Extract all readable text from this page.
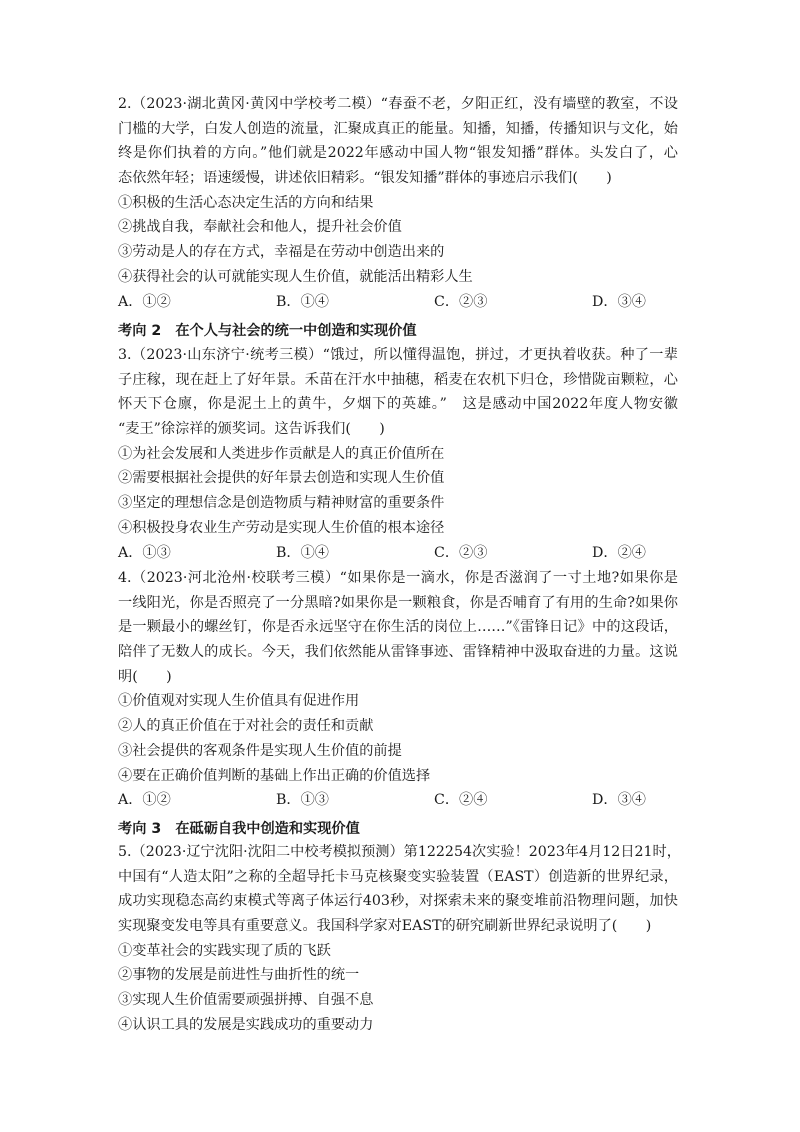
2.（2023·湖北黄冈·黄冈中学校考二模）“春蚕不老，夕阳正红，没有墙壁的教室，不设
门槛的大学，白发人创造的流量，汇聚成真正的能量。知播，知播，传播知识与文化，始
终是你们执着的方向。”他们就是2022年感动中国人物“银发知播”群体。头发白了，心
态依然年轻；语速缓慢，讲述依旧精彩。“银发知播”群体的事迹启示我们(　　)
①积极的生活心态决定生活的方向和结果
②挑战自我，奉献社会和他人，提升社会价值
③劳动是人的存在方式，幸福是在劳动中创造出来的
④获得社会的认可就能实现人生价值，就能活出精彩人生
A．①②	B．①④	C．②③	D．③④
考向 2　在个人与社会的统一中创造和实现价值
3.（2023·山东济宁·统考三模）“饿过，所以懂得温饱，拼过，才更执着收获。种了一辈
子庄稼，现在赶上了好年景。禾苗在汗水中抽穗，稻麦在农机下归仓，珍惜陇亩颗粒，心
怀天下仓廪，你是泥土上的黄牛，夕烟下的英雄。”　这是感动中国2022年度人物安徽
“麦王”徐淙祥的颁奖词。这告诉我们(　　)
①为社会发展和人类进步作贡献是人的真正价值所在
②需要根据社会提供的好年景去创造和实现人生价值
③坚定的理想信念是创造物质与精神财富的重要条件
④积极投身农业生产劳动是实现人生价值的根本途径
A．①③	B．①④	C．②③	D．②④
4.（2023·河北沧州·校联考三模）“如果你是一滴水，你是否滋润了一寸土地?如果你是
一线阳光，你是否照亮了一分黑暗?如果你是一颗粮食，你是否哺育了有用的生命?如果你
是一颗最小的螺丝钉，你是否永远坚守在你生活的岗位上……”《雷锋日记》中的这段话，
陪伴了无数人的成长。今天，我们依然能从雷锋事迹、雷锋精神中汲取奋进的力量。这说
明(　　)
①价值观对实现人生价值具有促进作用
②人的真正价值在于对社会的责任和贡献
③社会提供的客观条件是实现人生价值的前提
④要在正确价值判断的基础上作出正确的价值选择
A．①②	B．①③	C．②④	D．③④
考向 3　在砥砺自我中创造和实现价值
5.（2023·辽宁沈阳·沈阳二中校考模拟预测）第122254次实验！2023年4月12日21时，
中国有“人造太阳”之称的全超导托卡马克核聚变实验装置（EAST）创造新的世界纪录，
成功实现稳态高约束模式等离子体运行403秒，对探索未来的聚变堆前沿物理问题，加快
实现聚变发电等具有重要意义。我国科学家对EAST的研究刷新世界纪录说明了(　　)
①变革社会的实践实现了质的飞跃
②事物的发展是前进性与曲折性的统一
③实现人生价值需要顽强拼搏、自强不息
④认识工具的发展是实践成功的重要动力
